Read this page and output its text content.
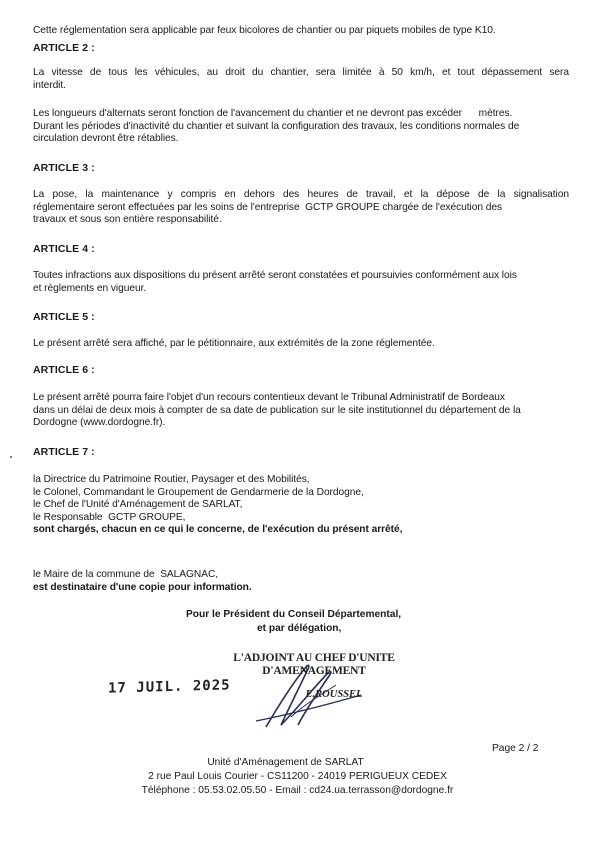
Cette réglementation sera applicable par feux bicolores de chantier ou par piquets mobiles de type K10.

ARTICLE 2 :

La vitesse de tous les véhicules, au droit du chantier, sera limitée à 50 km/h, et tout dépassement sera
interdit.

Les longueurs d'alternats seront fonction de l'avancement du chantier et ne devront pas excéder      mètres.
Durant les périodes d'inactivité du chantier et suivant la configuration des travaux, les conditions normales de
circulation devront être rétablies.

ARTICLE 3 :

La pose, la maintenance y compris en dehors des heures de travail, et la dépose de la signalisation
réglementaire seront effectuées par les soins de l'entreprise  GCTP GROUPE chargée de l'exécution des
travaux et sous son entière responsabilité.

ARTICLE 4 :

Toutes infractions aux dispositions du présent arrêté seront constatées et poursuivies conformément aux lois
et règlements en vigueur.

ARTICLE 5 :

Le présent arrêté sera affiché, par le pétitionnaire, aux extrémités de la zone réglementée.

ARTICLE 6 :

Le présent arrêté pourra faire l'objet d'un recours contentieux devant le Tribunal Administratif de Bordeaux
dans un délai de deux mois à compter de sa date de publication sur le site institutionnel du département de la
Dordogne (www.dordogne.fr).

ARTICLE 7 :

la Directrice du Patrimoine Routier, Paysager et des Mobilités,
le Colonel, Commandant le Groupement de Gendarmerie de la Dordogne,
le Chef de l'Unité d'Aménagement de SARLAT,
le Responsable  GCTP GROUPE,
sont chargés, chacun en ce qui le concerne, de l'exécution du présent arrêté,

le Maire de la commune de  SALAGNAC,
est destinataire d'une copie pour information.

Pour le Président du Conseil Départemental,

et par délégation,

17 JUIL. 2025
L'ADJOINT AU CHEF D'UNITE
D'AMENAGEMENT
E.ROUSSEL

Page 2 / 2

Unité d'Aménagement de SARLAT

2 rue Paul Louis Courier - CS11200 - 24019 PERIGUEUX CEDEX

Téléphone : 05.53.02.05.50 - Email : cd24.ua.terrasson@dordogne.fr
